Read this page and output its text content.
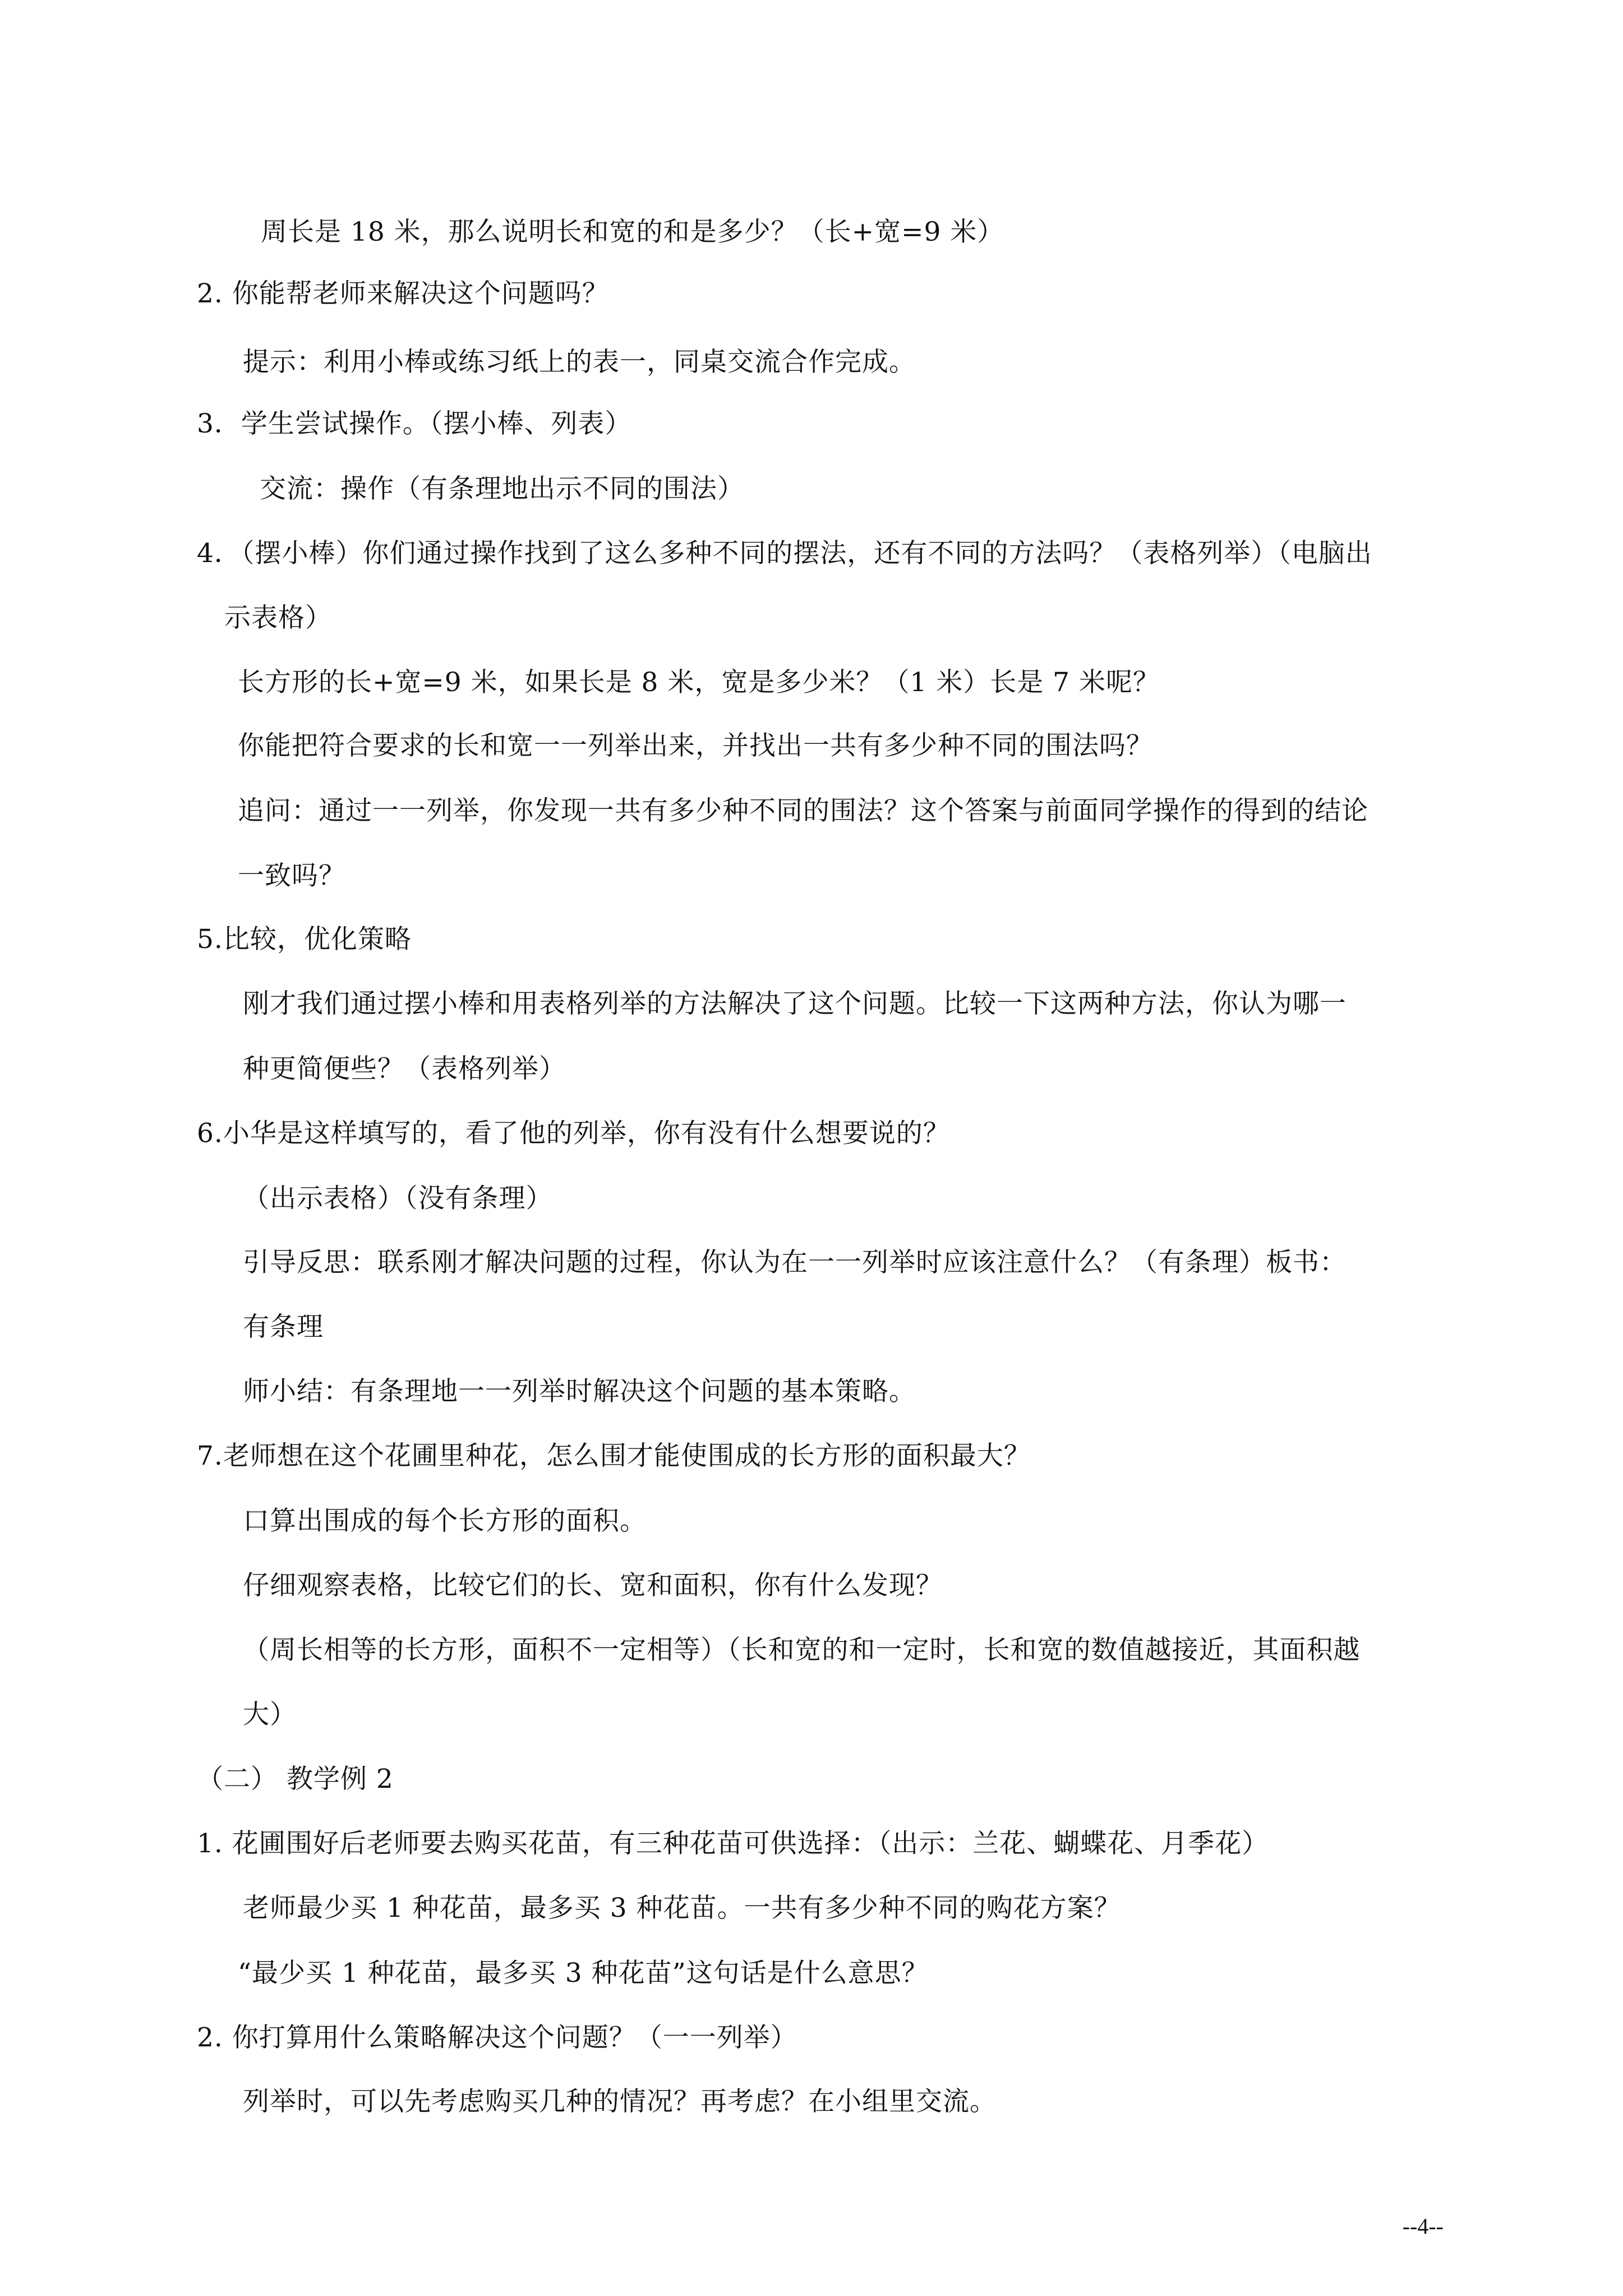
周长是 18 米，那么说明长和宽的和是多少？（长+宽=9 米）
2. 你能帮老师来解决这个问题吗？
提示：利用小棒或练习纸上的表一，同桌交流合作完成。
3．学生尝试操作。（摆小棒、列表）
交流：操作（有条理地出示不同的围法）
4．（摆小棒）你们通过操作找到了这么多种不同的摆法，还有不同的方法吗？（表格列举）（电脑出
示表格）
长方形的长+宽=9 米，如果长是 8 米，宽是多少米？（1 米）长是 7 米呢？
你能把符合要求的长和宽一一列举出来，并找出一共有多少种不同的围法吗？
追问：通过一一列举，你发现一共有多少种不同的围法？这个答案与前面同学操作的得到的结论
一致吗？
5.比较，优化策略
刚才我们通过摆小棒和用表格列举的方法解决了这个问题。比较一下这两种方法，你认为哪一
种更简便些？（表格列举）
6.小华是这样填写的，看了他的列举，你有没有什么想要说的？
（出示表格）（没有条理）
引导反思：联系刚才解决问题的过程，你认为在一一列举时应该注意什么？（有条理）板书：
有条理
师小结：有条理地一一列举时解决这个问题的基本策略。
7.老师想在这个花圃里种花，怎么围才能使围成的长方形的面积最大？
口算出围成的每个长方形的面积。
仔细观察表格，比较它们的长、宽和面积，你有什么发现？
（周长相等的长方形，面积不一定相等）（长和宽的和一定时，长和宽的数值越接近，其面积越
大）
（二） 教学例 2
1. 花圃围好后老师要去购买花苗，有三种花苗可供选择：（出示：兰花、蝴蝶花、月季花）
老师最少买 1 种花苗，最多买 3 种花苗。一共有多少种不同的购花方案？
“最少买 1 种花苗，最多买 3 种花苗”这句话是什么意思？
2. 你打算用什么策略解决这个问题？（一一列举）
列举时，可以先考虑购买几种的情况？再考虑？在小组里交流。
--4--
